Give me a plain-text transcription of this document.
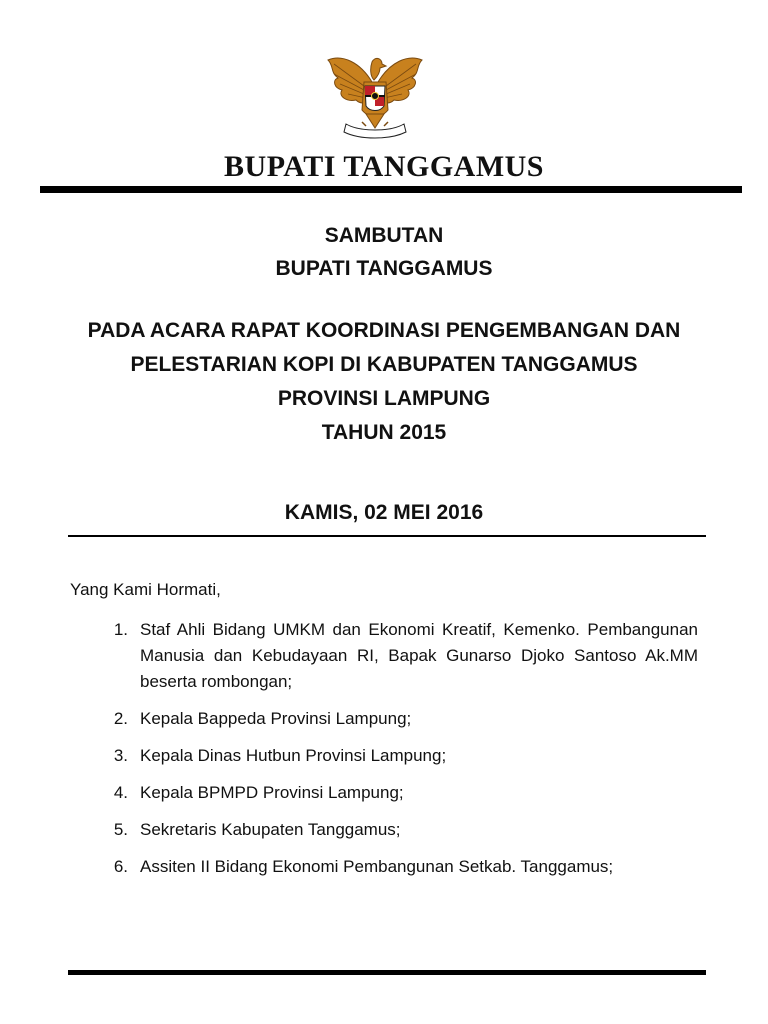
BUPATI TANGGAMUS
SAMBUTAN
BUPATI TANGGAMUS
PADA ACARA RAPAT KOORDINASI PENGEMBANGAN DAN
PELESTARIAN KOPI DI KABUPATEN TANGGAMUS
PROVINSI LAMPUNG
TAHUN 2015
KAMIS, 02 MEI 2016
Yang Kami Hormati,
1. Staf Ahli Bidang UMKM dan Ekonomi Kreatif, Kemenko. Pembangunan Manusia dan Kebudayaan RI, Bapak Gunarso Djoko Santoso Ak.MM beserta rombongan;
2. Kepala Bappeda Provinsi Lampung;
3. Kepala Dinas Hutbun Provinsi Lampung;
4. Kepala BPMPD Provinsi Lampung;
5. Sekretaris Kabupaten Tanggamus;
6. Assiten II Bidang Ekonomi Pembangunan Setkab. Tanggamus;
